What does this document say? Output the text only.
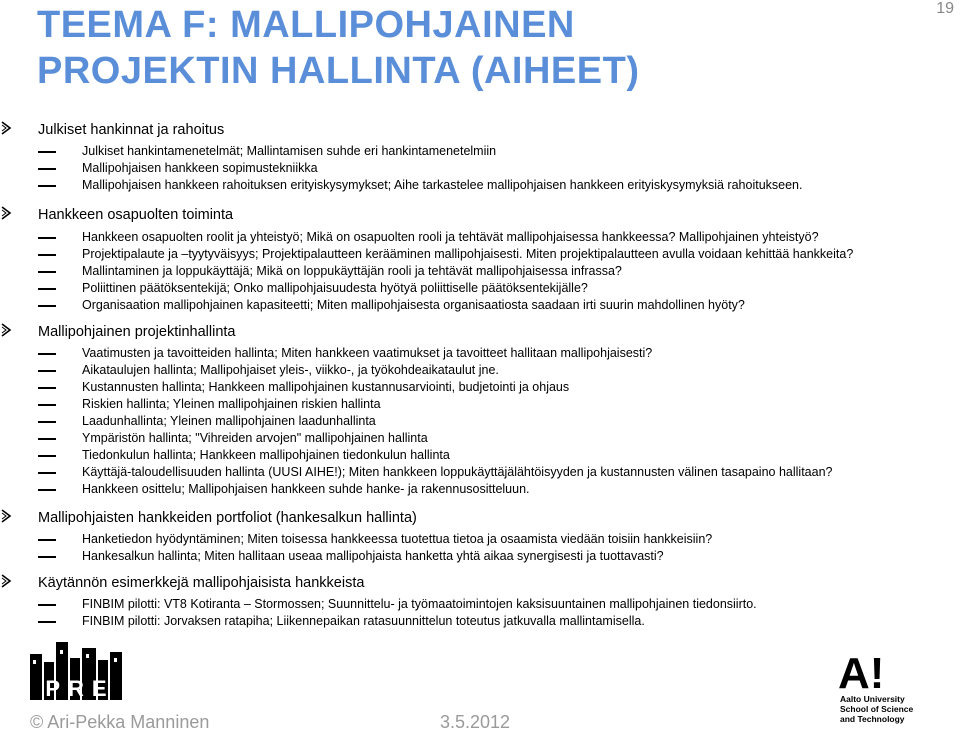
19
TEEMA F: MALLIPOHJAINEN
PROJEKTIN HALLINTA (AIHEET)
Julkiset hankinnat ja rahoitus
Julkiset hankintamenetelmät; Mallintamisen suhde eri hankintamenetelmiin
Mallipohjaisen hankkeen sopimustekniikka
Mallipohjaisen hankkeen rahoituksen erityiskysymykset; Aihe tarkastelee mallipohjaisen hankkeen erityiskysymyksiä rahoitukseen.
Hankkeen osapuolten toiminta
Hankkeen osapuolten roolit ja yhteistyö; Mikä on osapuolten rooli ja tehtävät mallipohjaisessa hankkeessa? Mallipohjainen yhteistyö?
Projektipalaute ja –tyytyväisyys; Projektipalautteen kerääminen mallipohjaisesti. Miten projektipalautteen avulla voidaan kehittää hankkeita?
Mallintaminen ja loppukäyttäjä; Mikä on loppukäyttäjän rooli ja tehtävät mallipohjaisessa infrassa?
Poliittinen päätöksentekijä; Onko mallipohjaisuudesta hyötyä poliittiselle päätöksentekijälle?
Organisaation mallipohjainen kapasiteetti; Miten mallipohjaisesta organisaatiosta saadaan irti suurin mahdollinen hyöty?
Mallipohjainen projektinhallinta
Vaatimusten ja tavoitteiden hallinta; Miten hankkeen vaatimukset ja tavoitteet hallitaan mallipohjaisesti?
Aikataulujen hallinta; Mallipohjaiset yleis-, viikko-, ja työkohdeaikataulut jne.
Kustannusten hallinta; Hankkeen mallipohjainen kustannusarviointi, budjetointi ja ohjaus
Riskien hallinta; Yleinen mallipohjainen riskien hallinta
Laadunhallinta; Yleinen mallipohjainen laadunhallinta
Ympäristön hallinta; "Vihreiden arvojen" mallipohjainen hallinta
Tiedonkulun hallinta; Hankkeen mallipohjainen tiedonkulun hallinta
Käyttäjä-taloudellisuuden hallinta (UUSI AIHE!); Miten hankkeen loppukäyttäjälähtöisyyden ja kustannusten välinen tasapaino hallitaan?
Hankkeen osittelu; Mallipohjaisen hankkeen suhde hanke- ja rakennusositteluun.
Mallipohjaisten hankkeiden portfoliot (hankesalkun hallinta)
Hanketiedon hyödyntäminen; Miten toisessa hankkeessa tuotettua tietoa ja osaamista viedään toisiin hankkeisiin?
Hankesalkun hallinta; Miten hallitaan useaa mallipohjaista hanketta yhtä aikaa synergisesti ja tuottavasti?
Käytännön esimerkkejä mallipohjaisista hankkeista
FINBIM pilotti: VT8 Kotiranta – Stormossen; Suunnittelu- ja työmaatoimintojen kaksisuuntainen mallipohjainen tiedonsiirto.
FINBIM pilotti: Jorvaksen ratapiha; Liikennepaikan ratasuunnittelun toteutus jatkuvalla mallintamisella.
PRE	A!
Aalto University
School of Science
and Technology
© Ari-Pekka Manninen	3.5.2012
